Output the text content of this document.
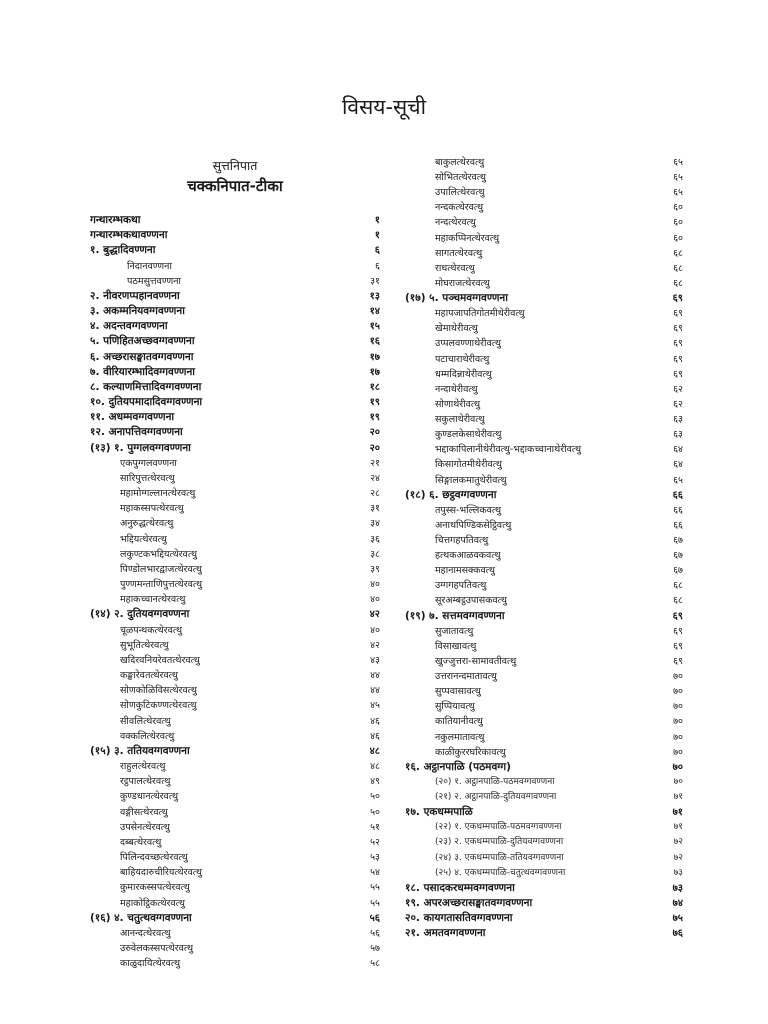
विसय-सूची
सुत्तनिपात
चक्कनिपात-टीका
गन्थारम्भकथा	१
गन्थारम्भकथावण्णना	१
१. बुद्धादिवण्णना	६
निदानवण्णना	६
पठमसुत्तवण्णना	३१
२. नीवरणप्पहानवण्णना	१३
३. अकम्मनियवग्गवण्णना	१४
४. अदन्तवग्गवण्णना	१५
५. पणिहितअच्छवग्गवण्णना	१६
६. अच्छरासङ्घातवग्गवण्णना	१७
७. वीरियारम्भादिवग्गवण्णना	१७
८. कल्याणमित्तादिवग्गवण्णना	१८
१०. दुतियपमादादिवग्गवण्णना	१९
११. अधम्मवग्गवण्णना	१९
१२. अनापत्तिवग्गवण्णना	२०
(१३) १. पुग्गलवग्गवण्णना	२०
एकपुग्गलवण्णना	२१
सारिपुत्तत्थेरवत्थु	२४
महामोग्गल्लानत्थेरवत्थु	२८
महाकस्सपत्थेरवत्थु	३१
अनुरुद्धत्थेरवत्थु	३४
भद्दियत्थेरवत्थु	३६
लकुण्टकभद्दियत्थेरवत्थु	३८
पिण्डोलभारद्वाजत्थेरवत्थु	३९
पुण्णमन्ताणिपुत्तत्थेरवत्थु	४०
महाकच्चानत्थेरवत्थु	४०
(१४) २. दुतियवग्गवण्णना	४२
चूळपन्थकत्थेरवत्थु	४०
सुभूतित्थेरवत्थु	४२
खदिरवनियरेवतत्थेरवत्थु	४३
कङ्खारेवतत्थेरवत्थु	४४
सोणकोळिविसत्थेरवत्थु	४४
सोणकुटिकण्णत्थेरवत्थु	४५
सीवलित्थेरवत्थु	४६
वक्कलित्थेरवत्थु	४६
(१५) ३. ततियवग्गवण्णना	४८
राहुलत्थेरवत्थु	४८
रट्ठपालत्थेरवत्थु	४९
कुण्डधानत्थेरवत्थु	५०
वङ्गीसत्थेरवत्थु	५०
उपसेनत्थेरवत्थु	५१
दब्बत्थेरवत्थु	५२
पिलिन्दवच्छत्थेरवत्थु	५३
बाहियदारुचीरियत्थेरवत्थु	५४
कुमारकस्सपत्थेरवत्थु	५५
महाकोट्ठिकत्थेरवत्थु	५५
(१६) ४. चतुत्थवग्गवण्णना	५६
आनन्दत्थेरवत्थु	५६
उरुवेलकस्सपत्थेरवत्थु	५७
काळुदायित्थेरवत्थु	५८
बाकुलत्थेरवत्थु	६५
सोभितत्थेरवत्थु	६५
उपालित्थेरवत्थु	६५
नन्दकत्थेरवत्थु	६०
नन्दत्थेरवत्थु	६०
महाकप्पिनत्थेरवत्थु	६०
सागतत्थेरवत्थु	६८
राधत्थेरवत्थु	६८
मोघराजत्थेरवत्थु	६८
(१७) ५. पञ्चमवग्गवण्णना	६९
महापजापतिगोतमीथेरीवत्थु	६९
खेमाथेरीवत्थु	६९
उप्पलवण्णाथेरीवत्थु	६९
पटाचाराथेरीवत्थु	६९
धम्मदिन्नाथेरीवत्थु	६९
नन्दाथेरीवत्थु	६२
सोणाथेरीवत्थु	६२
सकुलाथेरीवत्थु	६३
कुण्डलकेसाथेरीवत्थु	६३
भद्दाकापिलानीथेरीवत्थु-भद्दाकच्चानाथेरीवत्थु	६४
किसागोतमीथेरीवत्थु	६४
सिङ्गालकमातुथेरीवत्थु	६५
(१८) ६. छट्ठवग्गवण्णना	६६
तपुस्स-भल्लिकवत्थु	६६
अनाथपिण्डिकसेट्ठिवत्थु	६६
चित्तगहपतिवत्थु	६७
हत्थकआळवकवत्थु	६७
महानामसक्कवत्थु	६७
उग्गगहपतिवत्थु	६८
सूरअम्बट्ठउपासकवत्थु	६८
(१९) ७. सत्तमवग्गवण्णना	६९
सुजातावत्थु	६९
विसाखावत्थु	६९
खुज्जुत्तरा-सामावतीवत्थु	६९
उत्तरानन्दमातावत्थु	७०
सुप्पवासावत्थु	७०
सुप्पियावत्थु	७०
कातियानीवत्थु	७०
नकुलमातावत्थु	७०
काळीकुररघरिकावत्थु	७०
१६. अट्ठानपाळि (पठमवग्ग)	७०
(२०) १. अट्ठानपाळि-पठमवग्गवण्णना	७०
(२१) २. अट्ठानपाळि-दुतियवग्गवण्णना	७१
१७. एकधम्मपाळि	७१
(२२) १. एकधम्मपाळि-पठमवग्गवण्णना	७१
(२३) २. एकधम्मपाळि-दुतियवग्गवण्णना	७२
(२४) ३. एकधम्मपाळि-ततियवग्गवण्णना	७२
(२५) ४. एकधम्मपाळि-चतुत्थवग्गवण्णना	७३
१८. पसादकरधम्मवग्गवण्णना	७३
१९. अपरअच्छरासङ्घातवग्गवण्णना	७४
२०. कायगतासतिवग्गवण्णना	७५
२१. अमतवग्गवण्णना	७६
